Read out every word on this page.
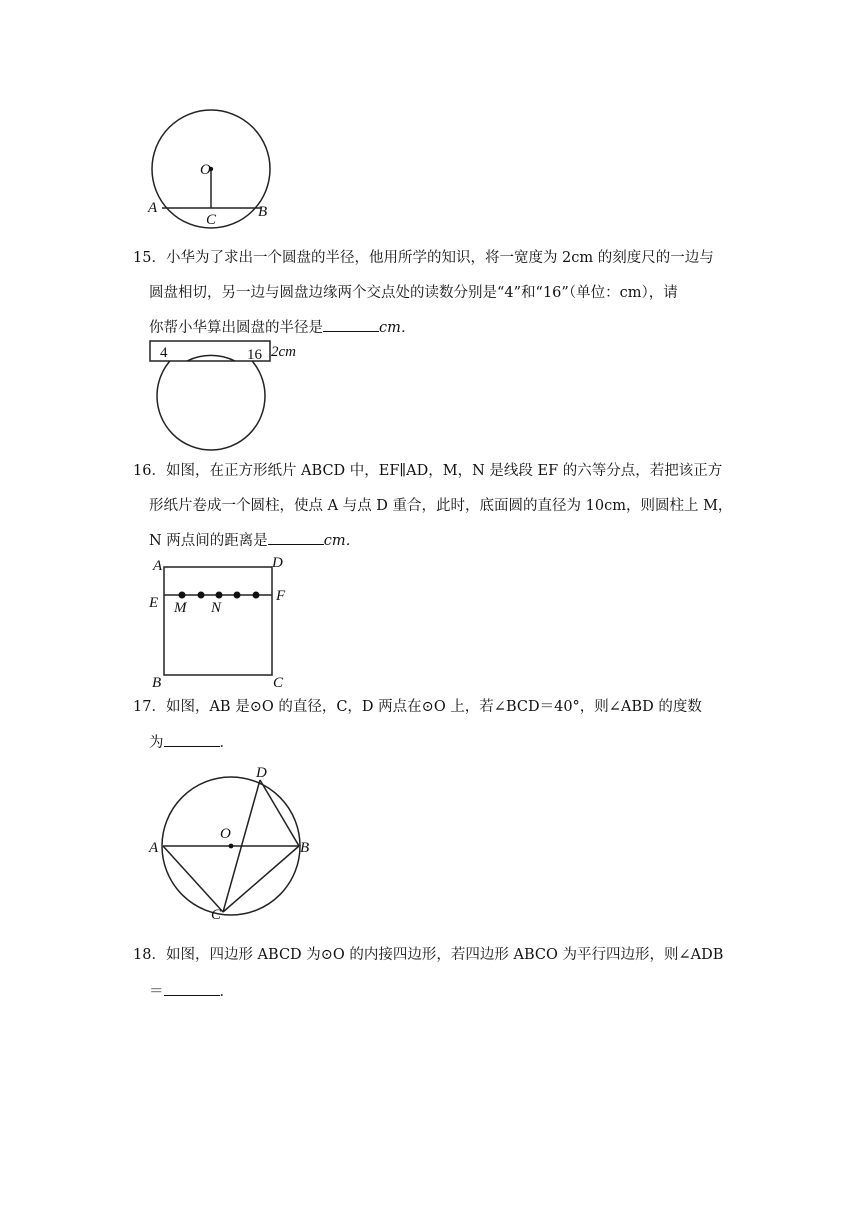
O
A	B
C
15．小华为了求出一个圆盘的半径，他用所学的知识，将一宽度为 2cm 的刻度尺的一边与
圆盘相切，另一边与圆盘边缘两个交点处的读数分别是“4”和“16”（单位：cm），请
你帮小华算出圆盘的半径是	cm．
4	16 2cm
16．如图，在正方形纸片 ABCD 中，EF∥AD，M，N 是线段 EF 的六等分点，若把该正方
形纸片卷成一个圆柱，使点 A 与点 D 重合，此时，底面圆的直径为 10cm，则圆柱上 M，
N 两点间的距离是	cm．
A	D
E	F
M N
B	C
17．如图，AB 是⊙O 的直径，C，D 两点在⊙O 上，若∠BCD＝40°，则∠ABD 的度数
为	．
A	B
C
D
O
18．如图，四边形 ABCD 为⊙O 的内接四边形，若四边形 ABCO 为平行四边形，则∠ADB
＝	．
